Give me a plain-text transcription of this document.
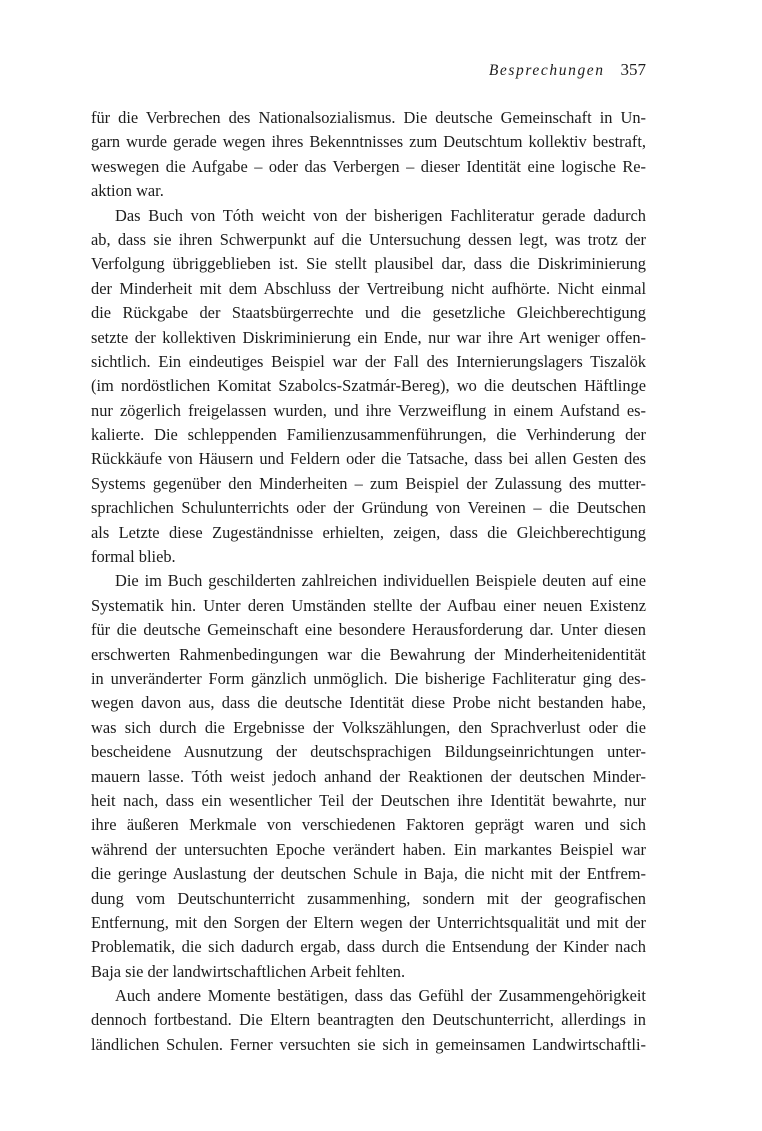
Besprechungen 357
für die Verbrechen des Nationalsozialismus. Die deutsche Gemeinschaft in Un-
garn wurde gerade wegen ihres Bekenntnisses zum Deutschtum kollektiv bestraft,
weswegen die Aufgabe – oder das Verbergen – dieser Identität eine logische Re-
aktion war.
Das Buch von Tóth weicht von der bisherigen Fachliteratur gerade dadurch
ab, dass sie ihren Schwerpunkt auf die Untersuchung dessen legt, was trotz der
Verfolgung übriggeblieben ist. Sie stellt plausibel dar, dass die Diskriminierung
der Minderheit mit dem Abschluss der Vertreibung nicht aufhörte. Nicht einmal
die Rückgabe der Staatsbürgerrechte und die gesetzliche Gleichberechtigung
setzte der kollektiven Diskriminierung ein Ende, nur war ihre Art weniger offen-
sichtlich. Ein eindeutiges Beispiel war der Fall des Internierungslagers Tiszalök
(im nordöstlichen Komitat Szabolcs-Szatmár-Bereg), wo die deutschen Häftlinge
nur zögerlich freigelassen wurden, und ihre Verzweiflung in einem Aufstand es-
kalierte. Die schleppenden Familienzusammenführungen, die Verhinderung der
Rückkäufe von Häusern und Feldern oder die Tatsache, dass bei allen Gesten des
Systems gegenüber den Minderheiten – zum Beispiel der Zulassung des mutter-
sprachlichen Schulunterrichts oder der Gründung von Vereinen – die Deutschen
als Letzte diese Zugeständnisse erhielten, zeigen, dass die Gleichberechtigung
formal blieb.
Die im Buch geschilderten zahlreichen individuellen Beispiele deuten auf eine
Systematik hin. Unter deren Umständen stellte der Aufbau einer neuen Existenz
für die deutsche Gemeinschaft eine besondere Herausforderung dar. Unter diesen
erschwerten Rahmenbedingungen war die Bewahrung der Minderheitenidentität
in unveränderter Form gänzlich unmöglich. Die bisherige Fachliteratur ging des-
wegen davon aus, dass die deutsche Identität diese Probe nicht bestanden habe,
was sich durch die Ergebnisse der Volkszählungen, den Sprachverlust oder die
bescheidene Ausnutzung der deutschsprachigen Bildungseinrichtungen unter-
mauern lasse. Tóth weist jedoch anhand der Reaktionen der deutschen Minder-
heit nach, dass ein wesentlicher Teil der Deutschen ihre Identität bewahrte, nur
ihre äußeren Merkmale von verschiedenen Faktoren geprägt waren und sich
während der untersuchten Epoche verändert haben. Ein markantes Beispiel war
die geringe Auslastung der deutschen Schule in Baja, die nicht mit der Entfrem-
dung vom Deutschunterricht zusammenhing, sondern mit der geografischen
Entfernung, mit den Sorgen der Eltern wegen der Unterrichtsqualität und mit der
Problematik, die sich dadurch ergab, dass durch die Entsendung der Kinder nach
Baja sie der landwirtschaftlichen Arbeit fehlten.
Auch andere Momente bestätigen, dass das Gefühl der Zusammengehörigkeit
dennoch fortbestand. Die Eltern beantragten den Deutschunterricht, allerdings in
ländlichen Schulen. Ferner versuchten sie sich in gemeinsamen Landwirtschaftli-
